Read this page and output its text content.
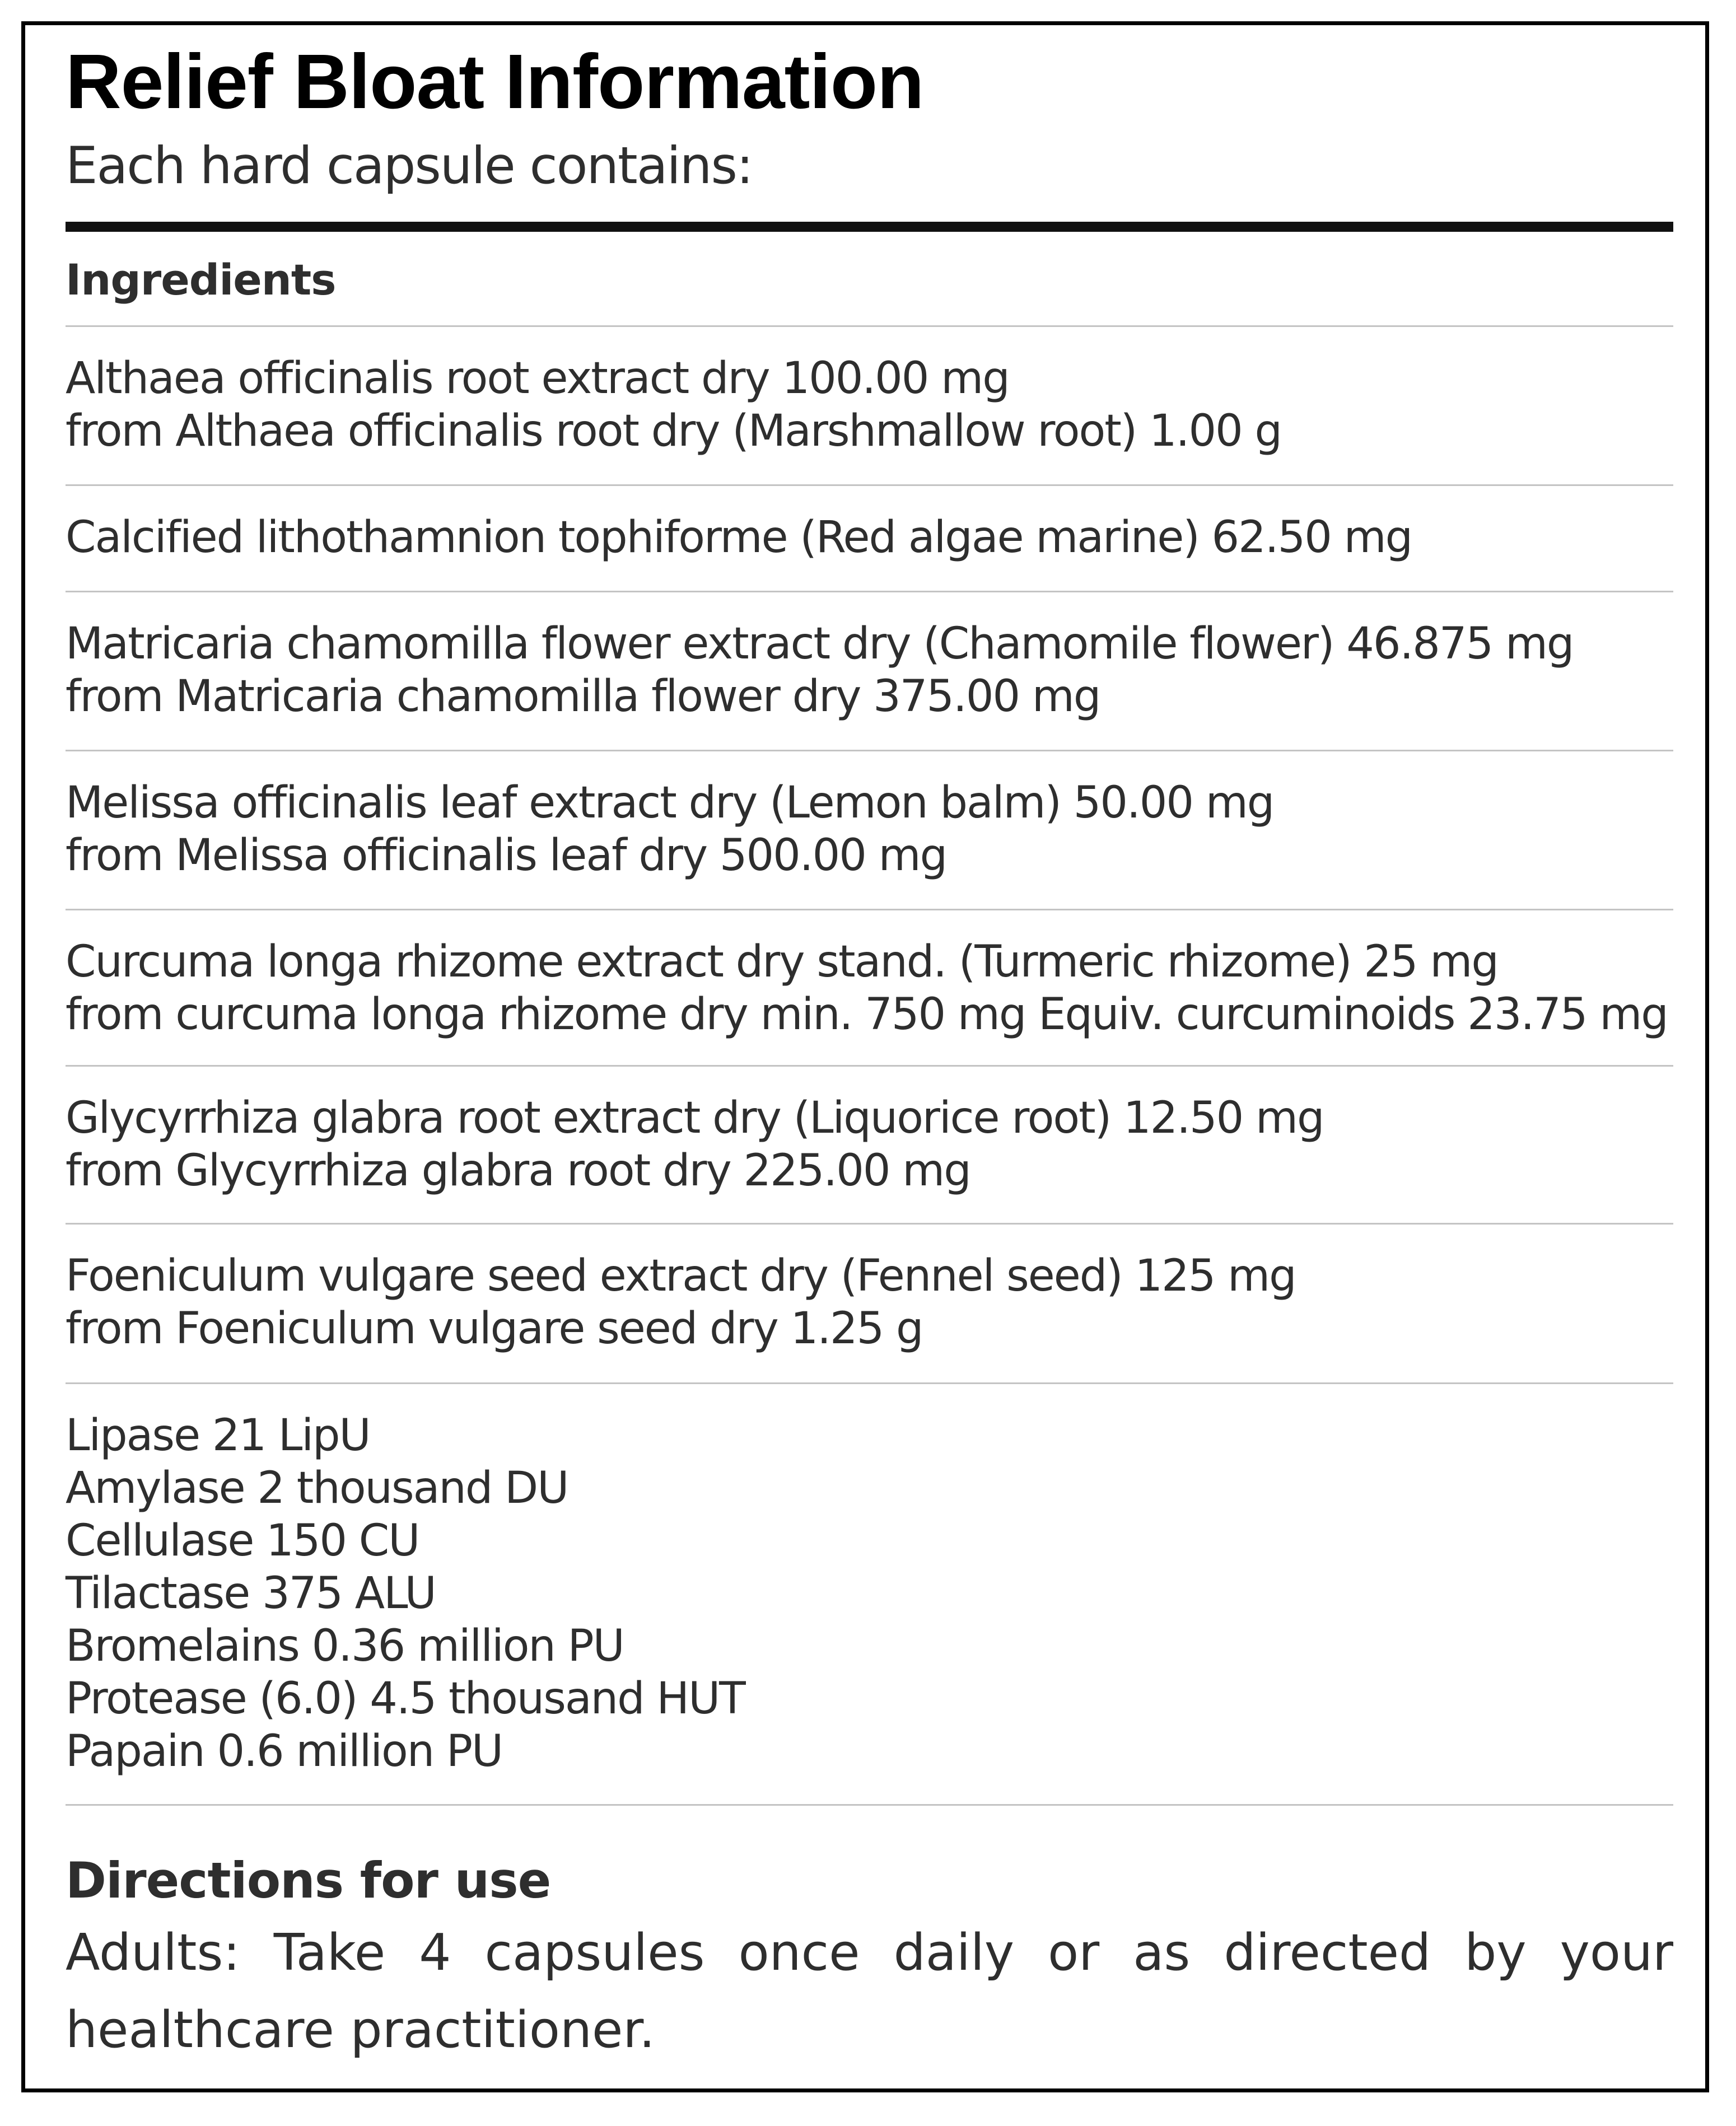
Relief Bloat Information

Each hard capsule contains:

Ingredients
Althaea officinalis root extract dry 100.00 mg
from Althaea officinalis root dry (Marshmallow root) 1.00 g
Calcified lithothamnion tophiforme (Red algae marine) 62.50 mg
Matricaria chamomilla flower extract dry (Chamomile flower) 46.875 mg
from Matricaria chamomilla flower dry 375.00 mg
Melissa officinalis leaf extract dry (Lemon balm) 50.00 mg
from Melissa officinalis leaf dry 500.00 mg
Curcuma longa rhizome extract dry stand. (Turmeric rhizome) 25 mg
from curcuma longa rhizome dry min. 750 mg Equiv. curcuminoids 23.75 mg
Glycyrrhiza glabra root extract dry (Liquorice root) 12.50 mg
from Glycyrrhiza glabra root dry 225.00 mg
Foeniculum vulgare seed extract dry (Fennel seed) 125 mg
from Foeniculum vulgare seed dry 1.25 g
Lipase 21 LipU
Amylase 2 thousand DU
Cellulase 150 CU
Tilactase 375 ALU
Bromelains 0.36 million PU
Protease (6.0) 4.5 thousand HUT
Papain 0.6 million PU
Directions for use
Adults: Take 4 capsules once daily or as directed by your healthcare practitioner.
